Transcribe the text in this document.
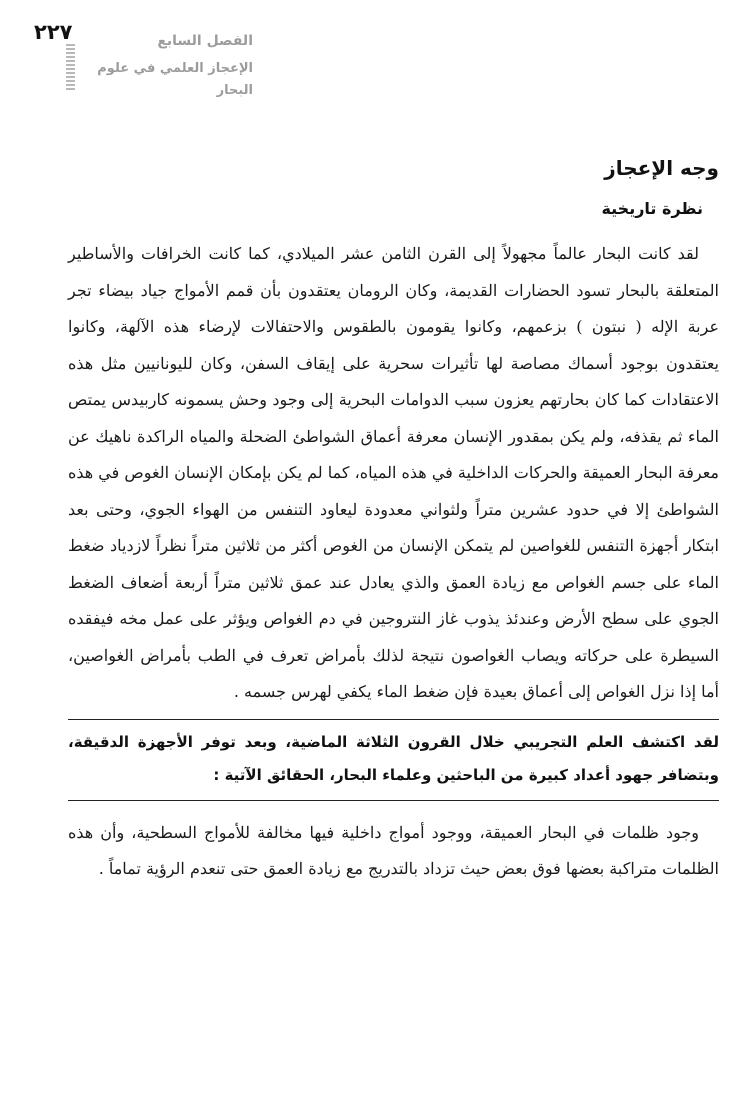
٢٢٧	الفصل السابع
الإعجاز العلمي في علوم البحار
وجه الإعجاز
نظرة تاريخية

لقد كانت البحار عالماً مجهولاً إلى القرن الثامن عشر الميلادي، كما كانت الخرافات والأساطير المتعلقة بالبحار تسود الحضارات القديمة، وكان الرومان يعتقدون بأن قمم الأمواج جياد بيضاء تجر عربة الإله ( نبتون ) بزعمهم، وكانوا يقومون بالطقوس والاحتفالات لإرضاء هذه الآلهة، وكانوا يعتقدون بوجود أسماك مصاصة لها تأثيرات سحرية على إيقاف السفن، وكان لليونانيين مثل هذه الاعتقادات كما كان بحارتهم يعزون سبب الدوامات البحرية إلى وجود وحش يسمونه كاربيدس يمتص الماء ثم يقذفه، ولم يكن بمقدور الإنسان معرفة أعماق الشواطئ الضحلة والمياه الراكدة ناهيك عن معرفة البحار العميقة والحركات الداخلية في هذه المياه، كما لم يكن بإمكان الإنسان الغوص في هذه الشواطئ إلا في حدود عشرين متراً ولثواني معدودة ليعاود التنفس من الهواء الجوي، وحتى بعد ابتكار أجهزة التنفس للغواصين لم يتمكن الإنسان من الغوص أكثر من ثلاثين متراً نظراً لازدياد ضغط الماء على جسم الغواص مع زيادة العمق والذي يعادل عند عمق ثلاثين متراً أربعة أضعاف الضغط الجوي على سطح الأرض وعندئذ يذوب غاز النتروجين في دم الغواص ويؤثر على عمل مخه فيفقده السيطرة على حركاته ويصاب الغواصون نتيجة لذلك بأمراض تعرف في الطب بأمراض الغواصين، أما إذا نزل الغواص إلى أعماق بعيدة فإن ضغط الماء يكفي لهرس جسمه .

لقد اكتشف العلم التجريبي خلال القرون الثلاثة الماضية، وبعد توفر الأجهزة الدقيقة، وبتضافر جهود أعداد كبيرة من الباحثين وعلماء البحار، الحقائق الآتية :

وجود ظلمات في البحار العميقة، ووجود أمواج داخلية فيها مخالفة للأمواج السطحية، وأن هذه الظلمات متراكبة بعضها فوق بعض حيث تزداد بالتدريج مع زيادة العمق حتى تنعدم الرؤية تماماً .
